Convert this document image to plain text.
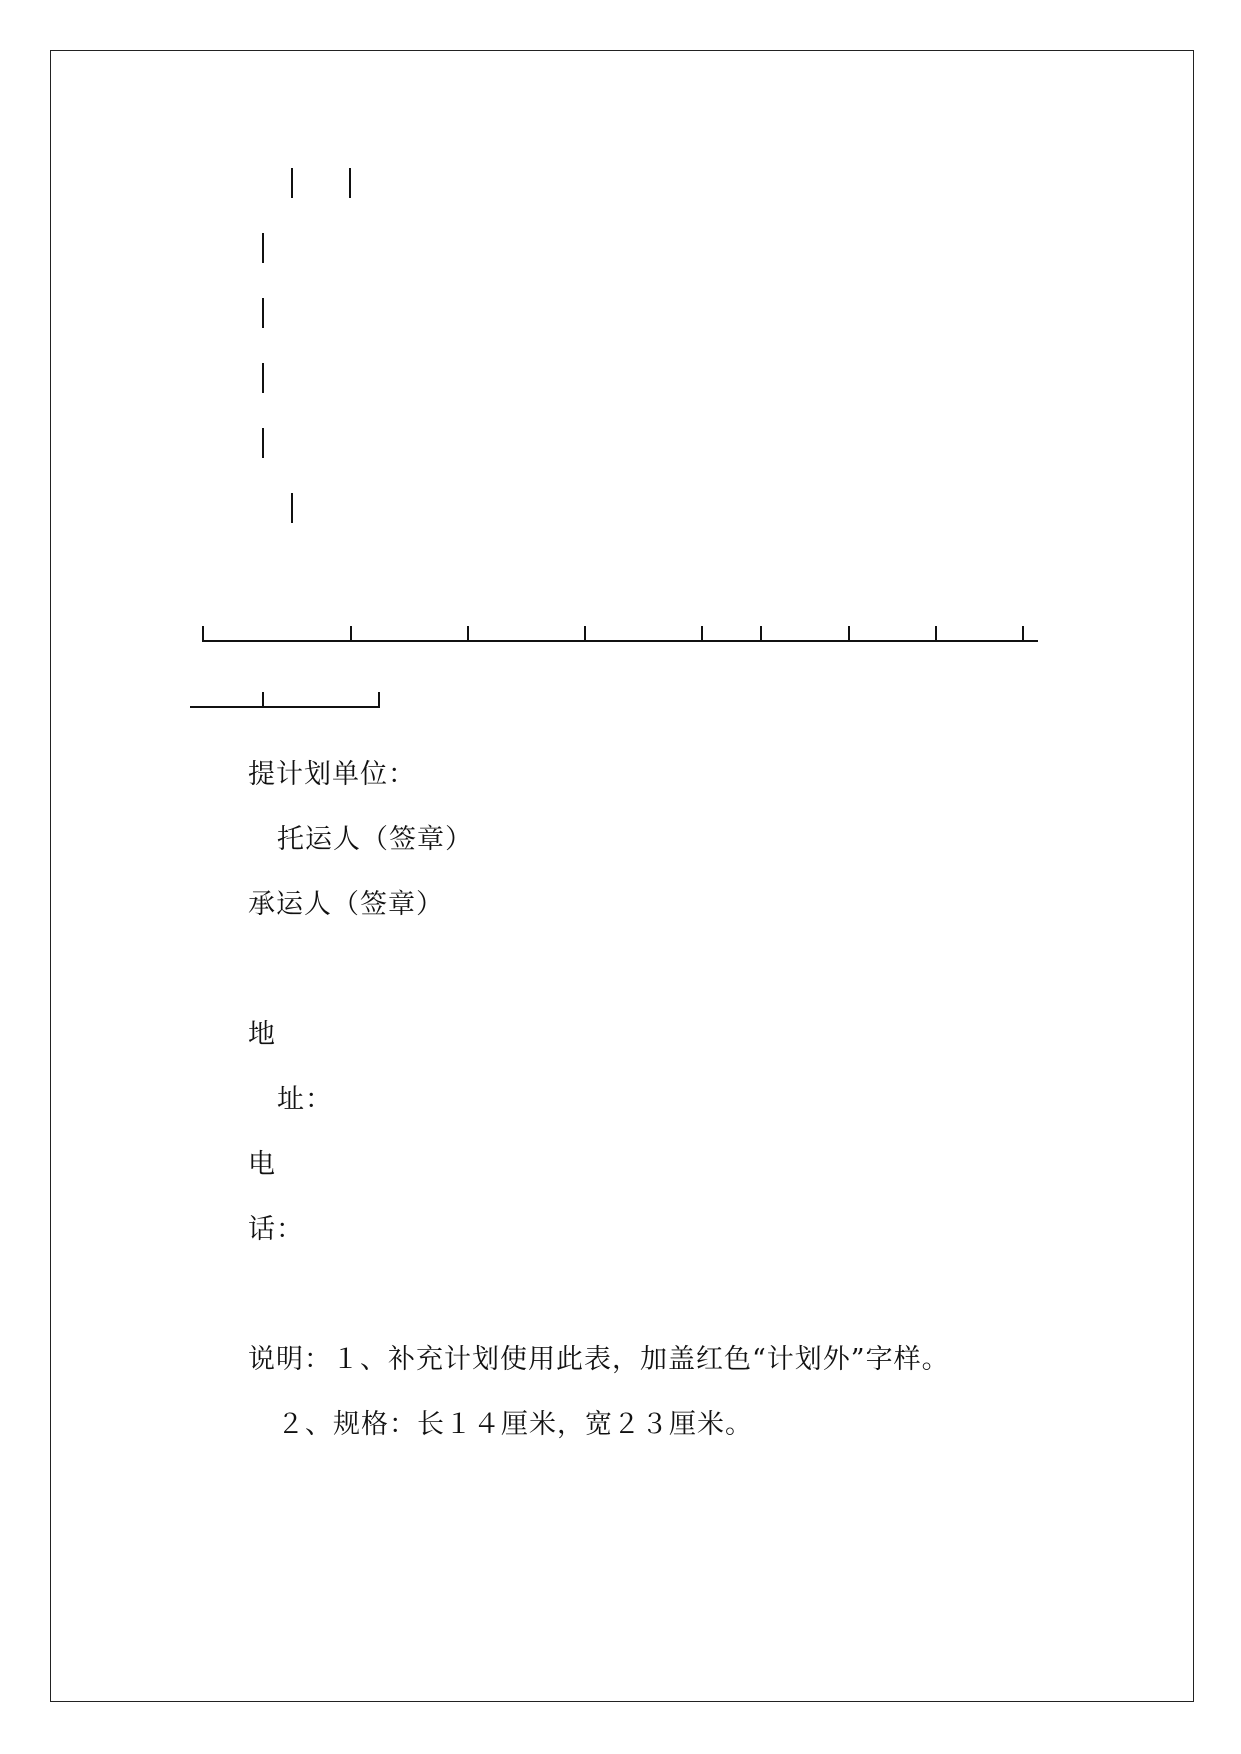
提计划单位：
托运人（签章）
承运人（签章）
地
址：
电
话：
说明：１、补充计划使用此表，加盖红色“计划外”字样。
２、规格：长１４厘米，宽２３厘米。
